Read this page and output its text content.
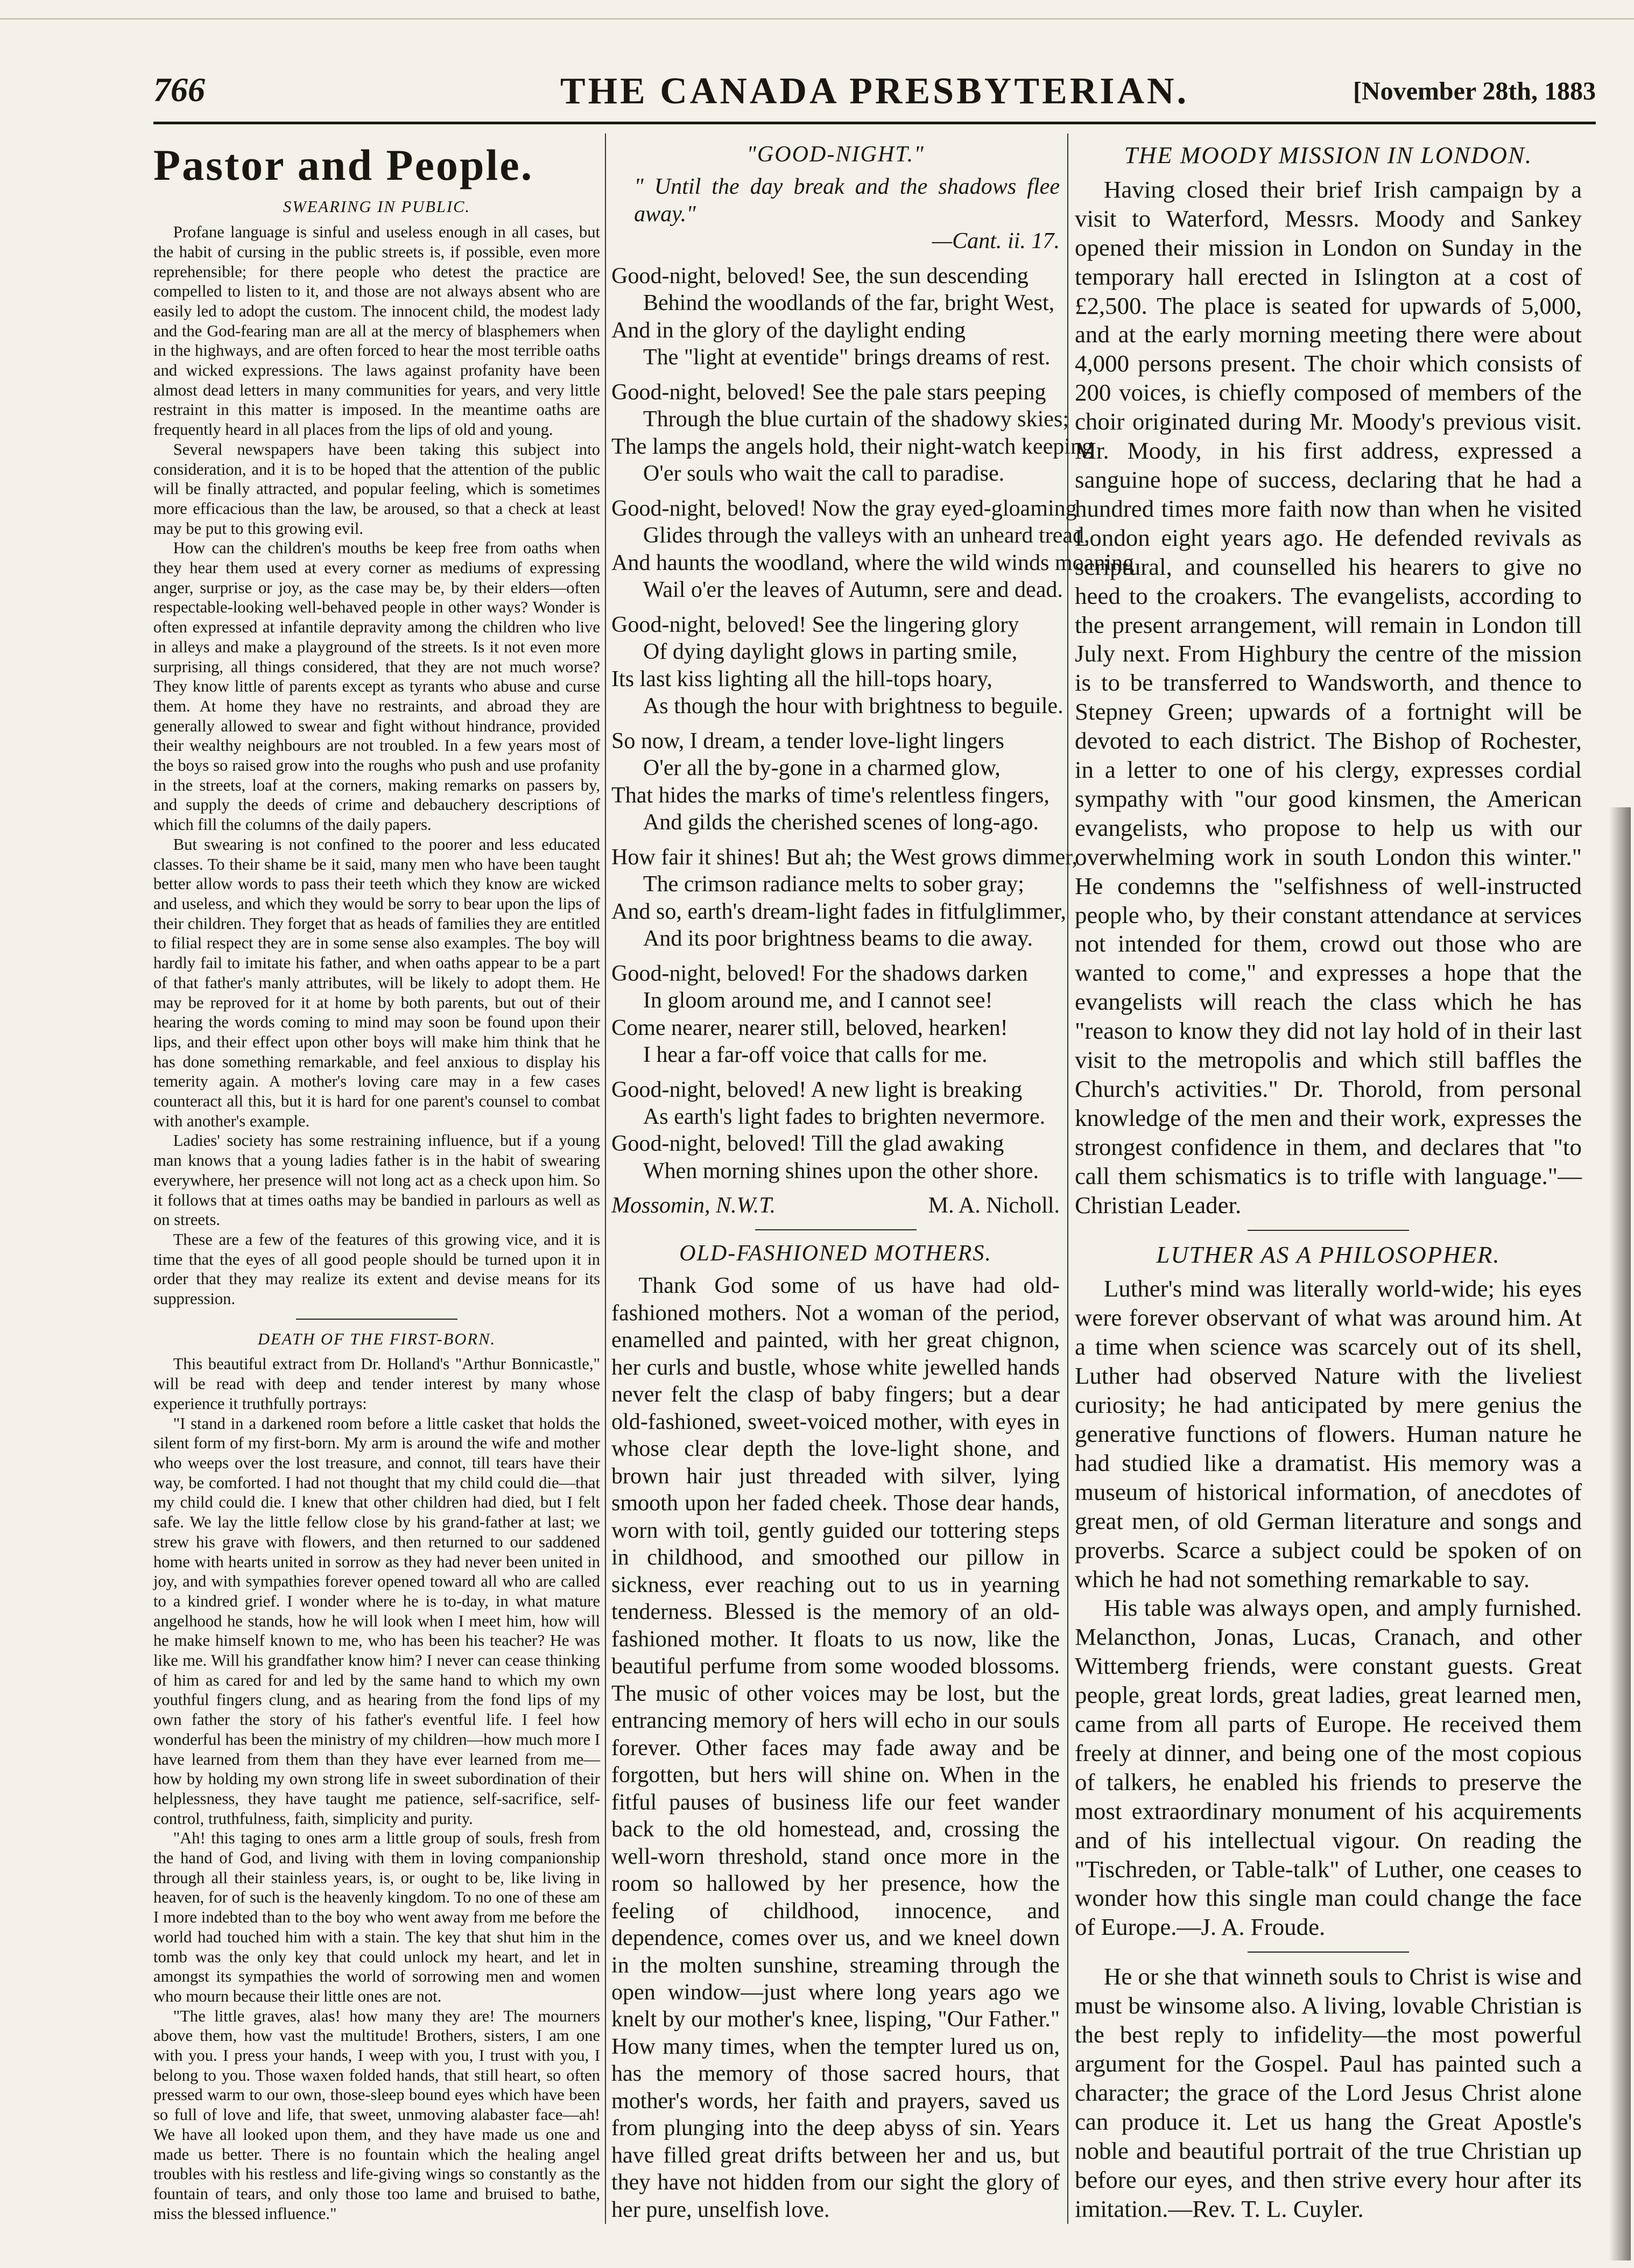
THE CANADA PRESBYTERIAN.
766	[November 28th, 1883
Pastor and People.
SWEARING IN PUBLIC.

Profane language is sinful and useless enough in all cases, but the habit of cursing in the public streets is, if possible, even more reprehensible; for there people who detest the practice are compelled to listen to it, and those are not always absent who are easily led to adopt the custom. The innocent child, the modest lady and the God-fearing man are all at the mercy of blasphemers when in the highways, and are often forced to hear the most terrible oaths and wicked expressions. The laws against profanity have been almost dead letters in many communities for years, and very little restraint in this matter is imposed. In the meantime oaths are frequently heard in all places from the lips of old and young.

Several newspapers have been taking this subject into consideration, and it is to be hoped that the attention of the public will be finally attracted, and popular feeling, which is sometimes more efficacious than the law, be aroused, so that a check at least may be put to this growing evil.

How can the children's mouths be keep free from oaths when they hear them used at every corner as mediums of expressing anger, surprise or joy, as the case may be, by their elders—often respectable-looking well-behaved people in other ways? Wonder is often expressed at infantile depravity among the children who live in alleys and make a playground of the streets. Is it not even more surprising, all things considered, that they are not much worse? They know little of parents except as tyrants who abuse and curse them. At home they have no restraints, and abroad they are generally allowed to swear and fight without hindrance, provided their wealthy neighbours are not troubled. In a few years most of the boys so raised grow into the roughs who push and use profanity in the streets, loaf at the corners, making remarks on passers by, and supply the deeds of crime and debauchery descriptions of which fill the columns of the daily papers.

But swearing is not confined to the poorer and less educated classes. To their shame be it said, many men who have been taught better allow words to pass their teeth which they know are wicked and useless, and which they would be sorry to bear upon the lips of their children. They forget that as heads of families they are entitled to filial respect they are in some sense also examples. The boy will hardly fail to imitate his father, and when oaths appear to be a part of that father's manly attributes, will be likely to adopt them. He may be reproved for it at home by both parents, but out of their hearing the words coming to mind may soon be found upon their lips, and their effect upon other boys will make him think that he has done something remarkable, and feel anxious to display his temerity again. A mother's loving care may in a few cases counteract all this, but it is hard for one parent's counsel to combat with another's example.

Ladies' society has some restraining influence, but if a young man knows that a young ladies father is in the habit of swearing everywhere, her presence will not long act as a check upon him. So it follows that at times oaths may be bandied in parlours as well as on streets.

These are a few of the features of this growing vice, and it is time that the eyes of all good people should be turned upon it in order that they may realize its extent and devise means for its suppression.

DEATH OF THE FIRST-BORN.

This beautiful extract from Dr. Holland's "Arthur Bonnicastle," will be read with deep and tender interest by many whose experience it truthfully portrays:

"I stand in a darkened room before a little casket that holds the silent form of my first-born. My arm is around the wife and mother who weeps over the lost treasure, and connot, till tears have their way, be comforted. I had not thought that my child could die—that my child could die. I knew that other children had died, but I felt safe. We lay the little fellow close by his grand-father at last; we strew his grave with flowers, and then returned to our saddened home with hearts united in sorrow as they had never been united in joy, and with sympathies forever opened toward all who are called to a kindred grief. I wonder where he is to-day, in what mature angelhood he stands, how he will look when I meet him, how will he make himself known to me, who has been his teacher? He was like me. Will his grandfather know him? I never can cease thinking of him as cared for and led by the same hand to which my own youthful fingers clung, and as hearing from the fond lips of my own father the story of his father's eventful life. I feel how wonderful has been the ministry of my children—how much more I have learned from them than they have ever learned from me—how by holding my own strong life in sweet subordination of their helplessness, they have taught me patience, self-sacrifice, self-control, truthfulness, faith, simplicity and purity.

"Ah! this taging to ones arm a little group of souls, fresh from the hand of God, and living with them in loving companionship through all their stainless years, is, or ought to be, like living in heaven, for of such is the heavenly kingdom. To no one of these am I more indebted than to the boy who went away from me before the world had touched him with a stain. The key that shut him in the tomb was the only key that could unlock my heart, and let in amongst its sympathies the world of sorrowing men and women who mourn because their little ones are not.

"The little graves, alas! how many they are! The mourners above them, how vast the multitude! Brothers, sisters, I am one with you. I press your hands, I weep with you, I trust with you, I belong to you. Those waxen folded hands, that still heart, so often pressed warm to our own, those-sleep bound eyes which have been so full of love and life, that sweet, unmoving alabaster face—ah! We have all looked upon them, and they have made us one and made us better. There is no fountain which the healing angel troubles with his restless and life-giving wings so constantly as the fountain of tears, and only those too lame and bruised to bathe, miss the blessed influence."

"GOOD-NIGHT."

" Until the day break and the shadows flee away."

—Cant. ii. 17.

Good-night, beloved! See, the sun descending
Behind the woodlands of the far, bright West,
And in the glory of the daylight ending
The "light at eventide" brings dreams of rest.
Good-night, beloved! See the pale stars peeping
Through the blue curtain of the shadowy skies;
The lamps the angels hold, their night-watch keeping
O'er souls who wait the call to paradise.
Good-night, beloved! Now the gray eyed-gloaming
Glides through the valleys with an unheard tread,
And haunts the woodland, where the wild winds moaning
Wail o'er the leaves of Autumn, sere and dead.
Good-night, beloved! See the lingering glory
Of dying daylight glows in parting smile,
Its last kiss lighting all the hill-tops hoary,
As though the hour with brightness to beguile.
So now, I dream, a tender love-light lingers
O'er all the by-gone in a charmed glow,
That hides the marks of time's relentless fingers,
And gilds the cherished scenes of long-ago.
How fair it shines! But ah; the West grows dimmer,
The crimson radiance melts to sober gray;
And so, earth's dream-light fades in fitfulglimmer,
And its poor brightness beams to die away.
Good-night, beloved! For the shadows darken
In gloom around me, and I cannot see!
Come nearer, nearer still, beloved, hearken!
I hear a far-off voice that calls for me.
Good-night, beloved! A new light is breaking
As earth's light fades to brighten nevermore.
Good-night, beloved! Till the glad awaking
When morning shines upon the other shore.
Mossomin, N.W.T.	M. A. Nicholl.
OLD-FASHIONED MOTHERS.

Thank God some of us have had old-fashioned mothers. Not a woman of the period, enamelled and painted, with her great chignon, her curls and bustle, whose white jewelled hands never felt the clasp of baby fingers; but a dear old-fashioned, sweet-voiced mother, with eyes in whose clear depth the love-light shone, and brown hair just threaded with silver, lying smooth upon her faded cheek. Those dear hands, worn with toil, gently guided our tottering steps in childhood, and smoothed our pillow in sickness, ever reaching out to us in yearning tenderness. Blessed is the memory of an old-fashioned mother. It floats to us now, like the beautiful perfume from some wooded blossoms. The music of other voices may be lost, but the entrancing memory of hers will echo in our souls forever. Other faces may fade away and be forgotten, but hers will shine on. When in the fitful pauses of business life our feet wander back to the old homestead, and, crossing the well-worn threshold, stand once more in the room so hallowed by her presence, how the feeling of childhood, innocence, and dependence, comes over us, and we kneel down in the molten sunshine, streaming through the open window—just where long years ago we knelt by our mother's knee, lisping, "Our Father." How many times, when the tempter lured us on, has the memory of those sacred hours, that mother's words, her faith and prayers, saved us from plunging into the deep abyss of sin. Years have filled great drifts between her and us, but they have not hidden from our sight the glory of her pure, unselfish love.

THE MOODY MISSION IN LONDON.

Having closed their brief Irish campaign by a visit to Waterford, Messrs. Moody and Sankey opened their mission in London on Sunday in the temporary hall erected in Islington at a cost of £2,500. The place is seated for upwards of 5,000, and at the early morning meeting there were about 4,000 persons present. The choir which consists of 200 voices, is chiefly composed of members of the choir originated during Mr. Moody's previous visit. Mr. Moody, in his first address, expressed a sanguine hope of success, declaring that he had a hundred times more faith now than when he visited London eight years ago. He defended revivals as scriptural, and counselled his hearers to give no heed to the croakers. The evangelists, according to the present arrangement, will remain in London till July next. From Highbury the centre of the mission is to be transferred to Wandsworth, and thence to Stepney Green; upwards of a fortnight will be devoted to each district. The Bishop of Rochester, in a letter to one of his clergy, expresses cordial sympathy with "our good kinsmen, the American evangelists, who propose to help us with our overwhelming work in south London this winter." He condemns the "selfishness of well-instructed people who, by their constant attendance at services not intended for them, crowd out those who are wanted to come," and expresses a hope that the evangelists will reach the class which he has "reason to know they did not lay hold of in their last visit to the metropolis and which still baffles the Church's activities." Dr. Thorold, from personal knowledge of the men and their work, expresses the strongest confidence in them, and declares that "to call them schismatics is to trifle with language."—Christian Leader.

LUTHER AS A PHILOSOPHER.

Luther's mind was literally world-wide; his eyes were forever observant of what was around him. At a time when science was scarcely out of its shell, Luther had observed Nature with the liveliest curiosity; he had anticipated by mere genius the generative functions of flowers. Human nature he had studied like a dramatist. His memory was a museum of historical information, of anecdotes of great men, of old German literature and songs and proverbs. Scarce a subject could be spoken of on which he had not something remarkable to say.

His table was always open, and amply furnished. Melancthon, Jonas, Lucas, Cranach, and other Wittemberg friends, were constant guests. Great people, great lords, great ladies, great learned men, came from all parts of Europe. He received them freely at dinner, and being one of the most copious of talkers, he enabled his friends to preserve the most extraordinary monument of his acquirements and of his intellectual vigour. On reading the "Tischreden, or Table-talk" of Luther, one ceases to wonder how this single man could change the face of Europe.—J. A. Froude.

He or she that winneth souls to Christ is wise and must be winsome also. A living, lovable Christian is the best reply to infidelity—the most powerful argument for the Gospel. Paul has painted such a character; the grace of the Lord Jesus Christ alone can produce it. Let us hang the Great Apostle's noble and beautiful portrait of the true Christian up before our eyes, and then strive every hour after its imitation.—Rev. T. L. Cuyler.
